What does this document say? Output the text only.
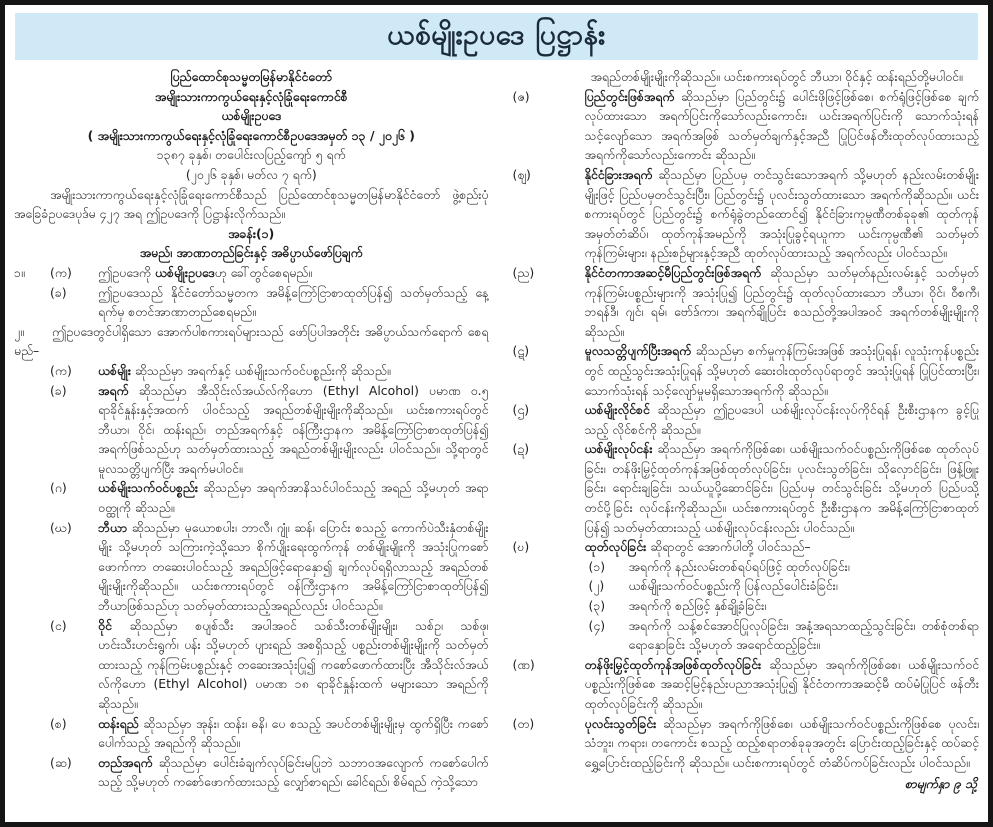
ယစ်မျိုးဥပဒေ ပြဋ္ဌာန်း
ပြည်ထောင်စုသမ္မတမြန်မာနိုင်ငံတော်
အမျိုးသားကာကွယ်ရေးနှင့်လုံခြုံရေးကောင်စီ
ယစ်မျိုးဥပဒေ
( အမျိုးသားကာကွယ်ရေးနှင့်လုံခြုံရေးကောင်စီဥပဒေအမှတ် ၁၃ / ၂၀၂၆ )
၁၃၈၇ ခုနှစ်၊ တပေါင်းလပြည့်ကျော် ၅ ရက်
(၂၀၂၆ ခုနှစ်၊ မတ်လ ၇ ရက်)
အမျိုးသားကာကွယ်ရေးနှင့်လုံခြုံရေးကောင်စီသည် ပြည်ထောင်စုသမ္မတမြန်မာနိုင်ငံတော် ဖွဲ့စည်းပုံ အခြေခံဥပဒေပုဒ်မ ၄၂၇ အရ ဤဥပဒေကို ပြဋ္ဌာန်းလိုက်သည်။
အခန်း(၁)
အမည်၊ အာဏာတည်ခြင်းနှင့် အဓိပ္ပာယ်ဖော်ပြချက်
၁။	(က)	ဤဥပဒေကို ယစ်မျိုးဥပဒေဟု ခေါ်တွင်စေရမည်။
(ခ)	ဤဥပဒေသည် နိုင်ငံတော်သမ္မတက အမိန့်ကြော်ငြာစာထုတ်ပြန်၍ သတ်မှတ်သည့် နေ့ရက်မှ စတင်အာဏာတည်စေရမည်။
၂။ ဤဥပဒေတွင်ပါရှိသော အောက်ပါစကားရပ်များသည် ဖော်ပြပါအတိုင်း အဓိပ္ပာယ်သက်ရောက် စေရမည်–
(က)	ယစ်မျိုး ဆိုသည်မှာ အရက်နှင့် ယစ်မျိုးသက်ဝင်ပစ္စည်းကို ဆိုသည်။
(ခ)	အရက် ဆိုသည်မှာ အီသိုင်းလ်အယ်လ်ကိုဟော (Ethyl Alcohol) ပမာဏ ၀.၅ ရာခိုင်နှုန်းနှင့်အထက် ပါဝင်သည့် အရည်တစ်မျိုးမျိုးကိုဆိုသည်။ ယင်းစကားရပ်တွင် ဘီယာ၊ ဝိုင်၊ ထန်းရည်၊ တည်အရက်နှင့် ဝန်ကြီးဌာနက အမိန့်ကြော်ငြာစာထုတ်ပြန်၍ အရက်ဖြစ်သည်ဟု သတ်မှတ်ထားသည့် အရည်တစ်မျိုးမျိုးလည်း ပါဝင်သည်။ သို့ရာတွင် မူလသတ္တိပျက်ပြီး အရက်မပါဝင်။
(ဂ)	ယစ်မျိုးသက်ဝင်ပစ္စည်း ဆိုသည်မှာ အရက်အာနိသင်ပါဝင်သည့် အရည် သို့မဟုတ် အရာဝတ္ထုကို ဆိုသည်။
(ဃ)	ဘီယာ ဆိုသည်မှာ မုယောစပါး၊ ဘာလီ၊ ဂျုံ၊ ဆန်၊ ပြောင်း စသည့် ကောက်ပဲသီးနှံတစ်မျိုးမျိုး သို့မဟုတ် သကြားကဲ့သို့သော စိုက်ပျိုးရေးထွက်ကုန် တစ်မျိုးမျိုးကို အသုံးပြုကစော်ဖောက်ကာ တဆေးပါဝင်သည့် အရည်ဖြင့်ရောနှော၍ ချက်လုပ်ရရှိလာသည့် အရည်တစ်မျိုးမျိုးကိုဆိုသည်။ ယင်းစကားရပ်တွင် ဝန်ကြီးဌာနက အမိန့်ကြော်ငြာစာထုတ်ပြန်၍ ဘီယာဖြစ်သည်ဟု သတ်မှတ်ထားသည့်အရည်လည်း ပါဝင်သည်။
(င)	ဝိုင် ဆိုသည်မှာ စပျစ်သီး အပါအဝင် သစ်သီးတစ်မျိုးမျိုး၊ သစ်ဥ၊ သစ်ဖု၊ ဟင်းသီးဟင်းရွက်၊ ပန်း သို့မဟုတ် ပျားရည် အစရှိသည့် ပစ္စည်းတစ်မျိုးမျိုးကို သတ်မှတ်ထားသည့် ကုန်ကြမ်းပစ္စည်းနှင့် တဆေးအသုံးပြု၍ ကစော်ဖောက်ထားပြီး အီသိုင်းလ်အယ်လ်ကိုဟော (Ethyl Alcohol) ပမာဏ ၁၈ ရာခိုင်နှုန်းထက် မများသော အရည်ကို ဆိုသည်။
(စ)	ထန်းရည် ဆိုသည်မှာ အုန်း၊ ထန်း၊ ဓနိ၊ ပေ စသည့် အပင်တစ်မျိုးမျိုးမှ ထွက်ရှိပြီး ကစော်ပေါက်သည့် အရည်ကို ဆိုသည်။
(ဆ)	တည်အရက် ဆိုသည်မှာ ပေါင်းခံချက်လုပ်ခြင်းမပြုဘဲ သဘာဝအလျောက် ကစော်ပေါက်သည့် သို့မဟုတ် ကစော်ဖောက်ထားသည့် လျှော်စာရည်၊ ခေါင်ရည်၊ စိမ်ရည် ကဲ့သို့သော
အရည်တစ်မျိုးမျိုးကိုဆိုသည်။ ယင်းစကားရပ်တွင် ဘီယာ၊ ဝိုင်နှင့် ထန်းရည်တို့မပါဝင်။
(ဇ)	ပြည်တွင်းဖြစ်အရက် ဆိုသည်မှာ ပြည်တွင်း၌ ပေါင်းဖိုဖြင့်ဖြစ်စေ၊ စက်ရုံဖြင့်ဖြစ်စေ ချက်လုပ်ထားသော အရက်ပြင်းကိုသော်လည်းကောင်း၊ ယင်းအရက်ပြင်းကို သောက်သုံးရန် သင့်လျော်သော အရက်အဖြစ် သတ်မှတ်ချက်နှင့်အညီ ပြုပြင်ဖန်တီးထုတ်လုပ်ထားသည့် အရက်ကိုသော်လည်းကောင်း ဆိုသည်။
(ဈ)	နိုင်ငံခြားအရက် ဆိုသည်မှာ ပြည်ပမှ တင်သွင်းသောအရက် သို့မဟုတ် နည်းလမ်းတစ်မျိုးမျိုးဖြင့် ပြည်ပမှတင်သွင်းပြီး၊ ပြည်တွင်း၌ ပုလင်းသွတ်ထားသော အရက်ကိုဆိုသည်။ ယင်းစကားရပ်တွင် ပြည်တွင်း၌ စက်ရုံခွဲတည်ထောင်၍ နိုင်ငံခြားကုမ္ပဏီတစ်ခုခု၏ ထုတ်ကုန်အမှတ်တံဆိပ်၊ ထုတ်ကုန်အမည်ကို အသုံးပြုခွင့်ရယူကာ ယင်းကုမ္ပဏီ၏ သတ်မှတ် ကုန်ကြမ်းများ၊ နည်းစဉ်များနှင့်အညီ ထုတ်လုပ်ထားသည့် အရက်လည်း ပါဝင်သည်။
(ည)	နိုင်ငံတကာအဆင့်မီပြည်တွင်းဖြစ်အရက် ဆိုသည်မှာ သတ်မှတ်နည်းလမ်းနှင့် သတ်မှတ် ကုန်ကြမ်းပစ္စည်းများကို အသုံးပြု၍ ပြည်တွင်း၌ ထုတ်လုပ်ထားသော ဘီယာ၊ ဝိုင်၊ ဝီစကီ၊ ဘရန်ဒီ၊ ဂျင်၊ ရမ်၊ ဗော်ဒ်ကာ၊ အရက်ချိုပြင်း စသည်တို့အပါအဝင် အရက်တစ်မျိုးမျိုးကို ဆိုသည်။
(ဋ)	မူလသတ္တိပျက်ပြီးအရက် ဆိုသည်မှာ စက်မှုကုန်ကြမ်းအဖြစ် အသုံးပြုရန်၊ လူသုံးကုန်ပစ္စည်းတွင် ထည့်သွင်းအသုံးပြုရန် သို့မဟုတ် ဆေးဝါးထုတ်လုပ်ရာတွင် အသုံးပြုရန် ပြုပြင်ထားပြီး၊ သောက်သုံးရန် သင့်လျော်မှုမရှိသောအရက်ကို ဆိုသည်။
(ဌ)	ယစ်မျိုးလိုင်စင် ဆိုသည်မှာ ဤဥပဒေပါ ယစ်မျိုးလုပ်ငန်းလုပ်ကိုင်ရန် ဦးစီးဌာနက ခွင့်ပြုသည့် လိုင်စင်ကို ဆိုသည်။
(ဍ)	ယစ်မျိုးလုပ်ငန်း ဆိုသည်မှာ အရက်ကိုဖြစ်စေ၊ ယစ်မျိုးသက်ဝင်ပစ္စည်းကိုဖြစ်စေ ထုတ်လုပ်ခြင်း၊ တန်ဖိုးမြှင့်ထုတ်ကုန်အဖြစ်ထုတ်လုပ်ခြင်း၊ ပုလင်းသွတ်ခြင်း၊ သိုလှောင်ခြင်း၊ ဖြန့်ဖြူးခြင်း၊ ရောင်းချခြင်း၊ သယ်ယူပို့ဆောင်ခြင်း၊ ပြည်ပမှ တင်သွင်းခြင်း သို့မဟုတ် ပြည်ပသို့ တင်ပို့ခြင်း လုပ်ငန်းကိုဆိုသည်။ ယင်းစကားရပ်တွင် ဦးစီးဌာနက အမိန့်ကြော်ငြာစာထုတ်ပြန်၍ သတ်မှတ်ထားသည့် ယစ်မျိုးလုပ်ငန်းလည်း ပါဝင်သည်။
(ဎ)	ထုတ်လုပ်ခြင်း ဆိုရာတွင် အောက်ပါတို့ ပါဝင်သည်–
(၁)	အရက်ကို နည်းလမ်းတစ်ရပ်ရပ်ဖြင့် ထုတ်လုပ်ခြင်း၊
(၂)	ယစ်မျိုးသက်ဝင်ပစ္စည်းကို ပြန်လည်ပေါင်းခံခြင်း၊
(၃)	အရက်ကို စည်ဖြင့် နှစ်ချို့ခံခြင်း၊
(၄)	အရက်ကို သန့်စင်အောင်ပြုလုပ်ခြင်း၊ အနံ့အရသာထည့်သွင်းခြင်း၊ တစ်စုံတစ်ရာ ရောနှောခြင်း သို့မဟုတ် အရောင်ထည့်ခြင်း။
(ဏ)	တန်ဖိုးမြှင့်ထုတ်ကုန်အဖြစ်ထုတ်လုပ်ခြင်း ဆိုသည်မှာ အရက်ကိုဖြစ်စေ၊ ယစ်မျိုးသက်ဝင် ပစ္စည်းကိုဖြစ်စေ အဆင့်မြင့်နည်းပညာအသုံးပြု၍ နိုင်ငံတကာအဆင့်မီ ထပ်မံပြုပြင် ဖန်တီးထုတ်လုပ်ခြင်းကို ဆိုသည်။
(တ)	ပုလင်းသွတ်ခြင်း ဆိုသည်မှာ အရက်ကိုဖြစ်စေ၊ ယစ်မျိုးသက်ဝင်ပစ္စည်းကိုဖြစ်စေ ပုလင်း၊ သံဘူး၊ ကရား၊ တကောင်း စသည့် ထည့်စရာတစ်ခုခုအတွင်း ပြောင်းထည့်ခြင်းနှင့် ထပ်ဆင့် ရွှေ့ပြောင်းထည့်ခြင်းကို ဆိုသည်။ ယင်းစကားရပ်တွင် တံဆိပ်ကပ်ခြင်းလည်း ပါဝင်သည်။
စာမျက်နှာ ၉ သို့
